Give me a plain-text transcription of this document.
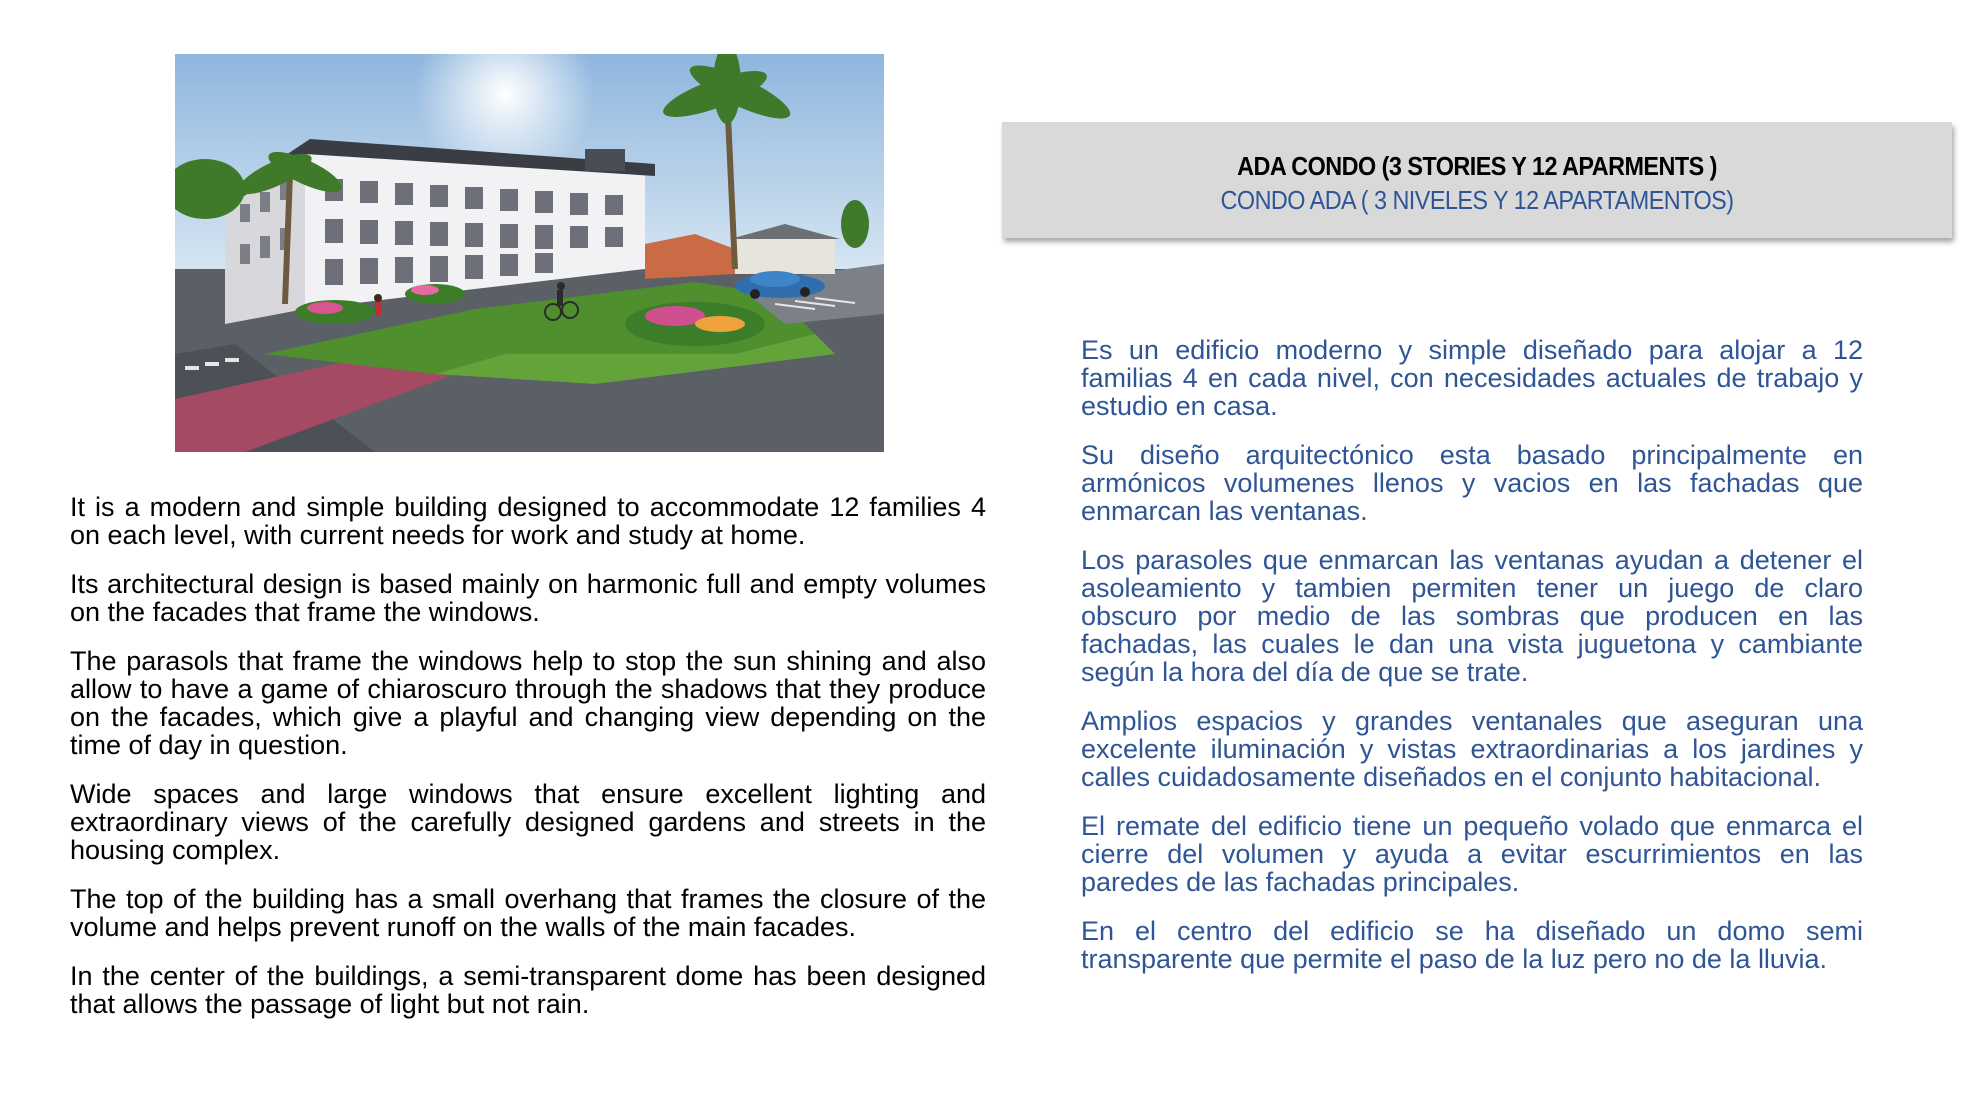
ADA CONDO (3 STORIES Y 12 APARMENTS )
CONDO ADA ( 3 NIVELES Y 12 APARTAMENTOS)

It is a modern and simple building designed to accommodate 12 families 4 on each level, with current needs for work and study at home.

Its architectural design is based mainly on harmonic full and empty volumes on the facades that frame the windows.

The parasols that frame the windows help to stop the sun shining and also allow to have a game of chiaroscuro through the shadows that they produce on the facades, which give a playful and changing view depending on the time of day in question.

Wide spaces and large windows that ensure excellent lighting and extraordinary views of the carefully designed gardens and streets in the housing complex.

The top of the building has a small overhang that frames the closure of the volume and helps prevent runoff on the walls of the main facades.

In the center of the buildings, a semi-transparent dome has been designed that allows the passage of light but not rain.

Es un edificio moderno y simple diseñado para alojar a 12 familias 4 en cada nivel, con necesidades actuales de trabajo y estudio en casa.

Su diseño arquitectónico esta basado principalmente en armónicos volumenes llenos y vacios en las fachadas que enmarcan las ventanas.

Los parasoles que enmarcan las ventanas ayudan a detener el asoleamiento y tambien permiten tener un juego de claro obscuro por medio de las sombras que producen en las fachadas, las cuales le dan una vista juguetona y cambiante según la hora del día de que se trate.

Amplios espacios y grandes ventanales que aseguran una excelente iluminación y vistas extraordinarias a los jardines y calles cuidadosamente diseñados en el conjunto habitacional.

El remate del edificio tiene un pequeño volado que enmarca el cierre del volumen y ayuda a evitar escurrimientos en las paredes de las fachadas principales.

En el centro del edificio se ha diseñado un domo semi transparente que permite el paso de la luz pero no de la lluvia.
